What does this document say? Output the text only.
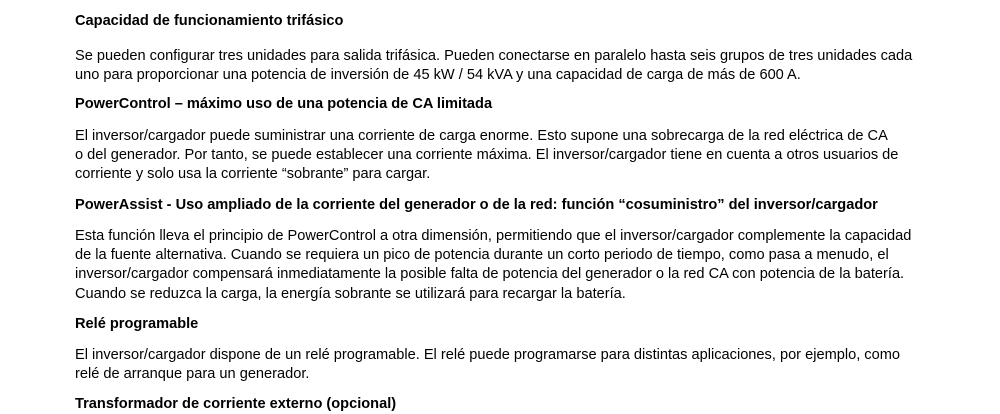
Capacidad de funcionamiento trifásico
Se pueden configurar tres unidades para salida trifásica. Pueden conectarse en paralelo hasta seis grupos de tres unidades cada
uno para proporcionar una potencia de inversión de 45 kW / 54 kVA y una capacidad de carga de más de 600 A.
PowerControl – máximo uso de una potencia de CA limitada
El inversor/cargador puede suministrar una corriente de carga enorme. Esto supone una sobrecarga de la red eléctrica de CA
o del generador. Por tanto, se puede establecer una corriente máxima. El inversor/cargador tiene en cuenta a otros usuarios de
corriente y solo usa la corriente “sobrante” para cargar.
PowerAssist - Uso ampliado de la corriente del generador o de la red: función “cosuministro” del inversor/cargador
Esta función lleva el principio de PowerControl a otra dimensión, permitiendo que el inversor/cargador complemente la capacidad
de la fuente alternativa. Cuando se requiera un pico de potencia durante un corto periodo de tiempo, como pasa a menudo, el
inversor/cargador compensará inmediatamente la posible falta de potencia del generador o la red CA con potencia de la batería.
Cuando se reduzca la carga, la energía sobrante se utilizará para recargar la batería.
Relé programable
El inversor/cargador dispone de un relé programable. El relé puede programarse para distintas aplicaciones, por ejemplo, como
relé de arranque para un generador.
Transformador de corriente externo (opcional)
